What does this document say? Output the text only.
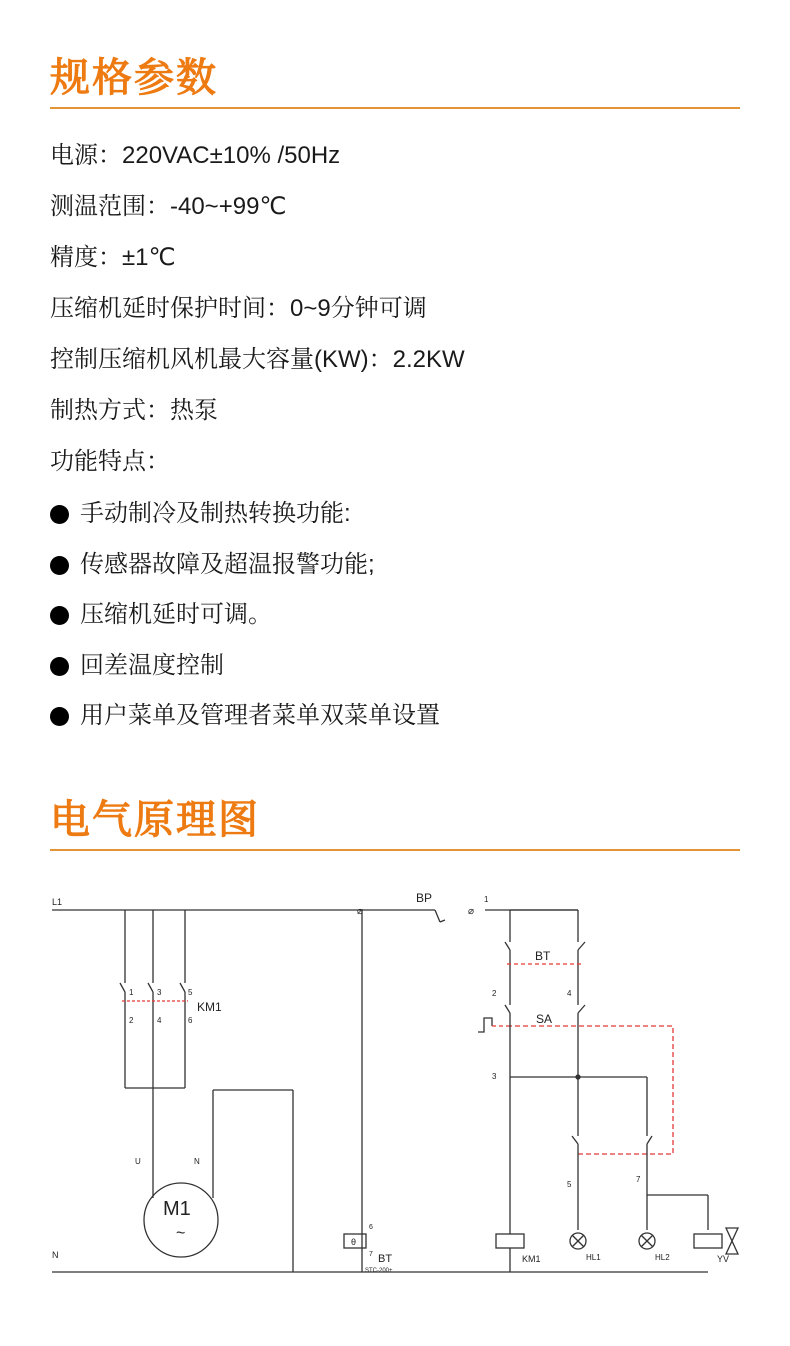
规格参数
电源：220VAC±10% /50Hz
测温范围：-40~+99℃
精度：±1℃
压缩机延时保护时间：0~9分钟可调
控制压缩机风机最大容量(KW)：2.2KW
制热方式：热泵
功能特点：
手动制冷及制热转换功能:
传感器故障及超温报警功能;
压缩机延时可调。
回差温度控制
用户菜单及管理者菜单双菜单设置
电气原理图
L1
N
BP	1
⌀	⌀
KM1
1	3	5
2	4	6
U	N
M1
~	θ
6
7 BT
STC-200+
BT
2	4
SA
3
5
7
KM1	HL1	HL2	YV
